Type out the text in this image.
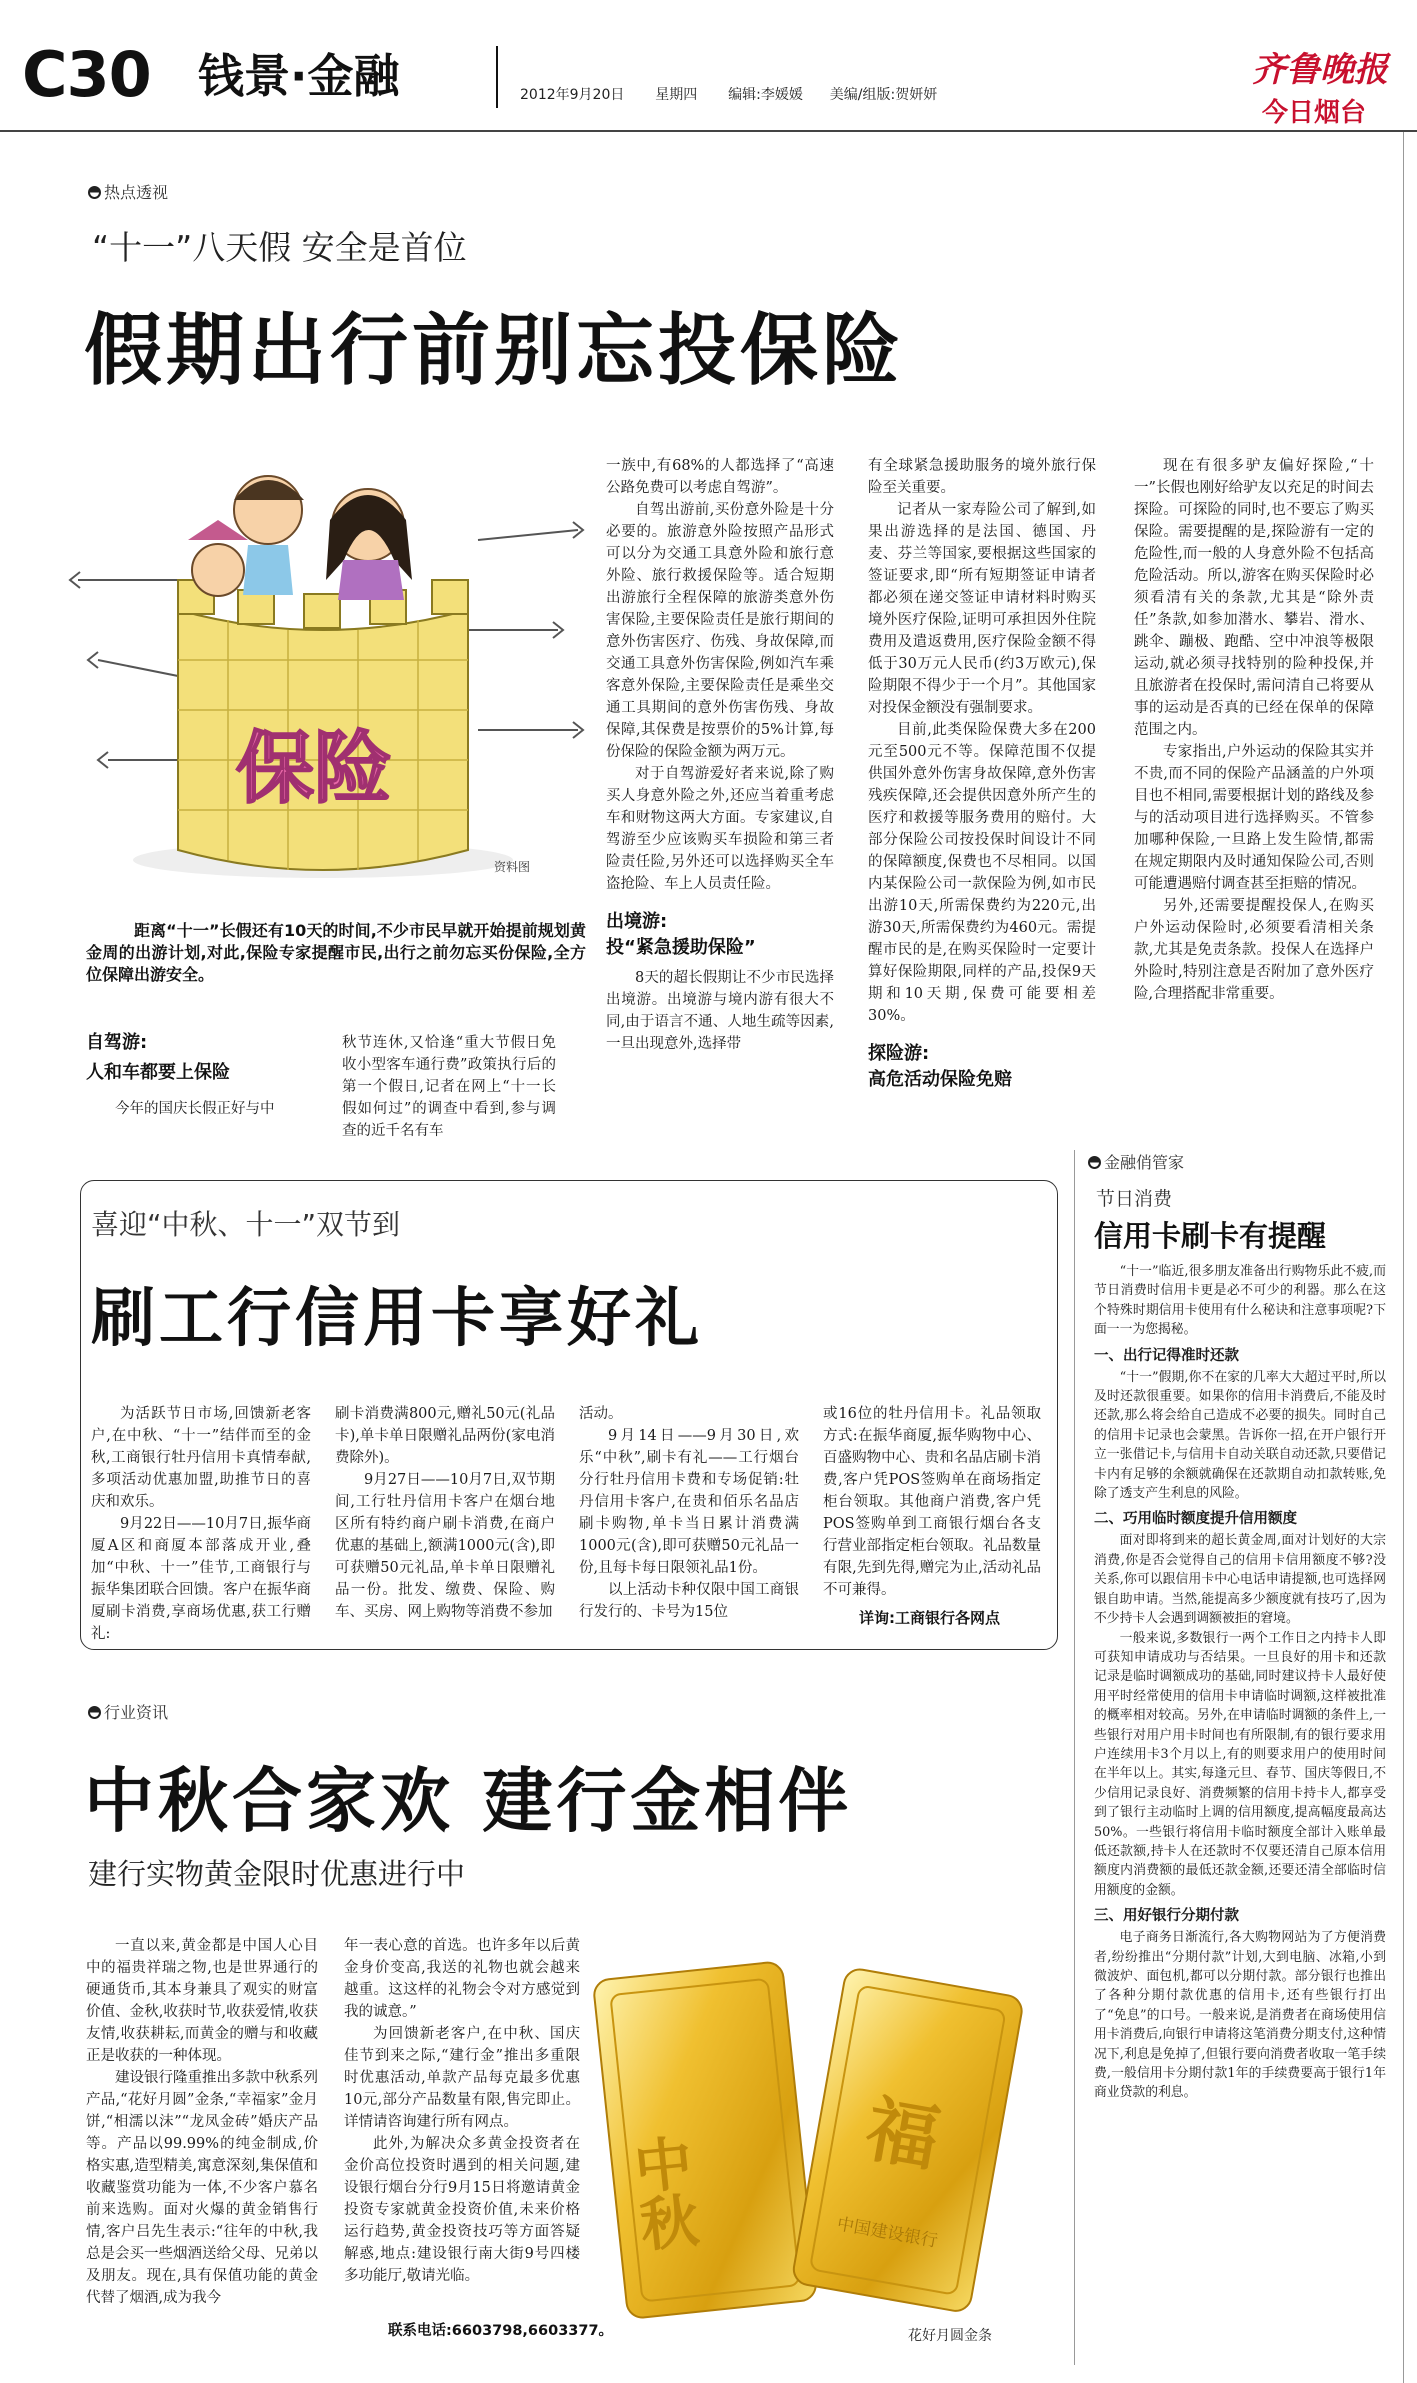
C30 钱景·金融	2012年9月20日 星期四 编辑:李媛媛 美编/组版:贺妍妍
齐鲁晚报
今日烟台
热点透视
“十一”八天假 安全是首位
假期出行前别忘投保险
保险
资料图
距离“十一”长假还有10天的时间,不少市民早就开始提前规划黄金周的出游计划,对此,保险专家提醒市民,出行之前勿忘买份保险,全方位保障出游安全。
自驾游:
人和车都要上保险

今年的国庆长假正好与中

秋节连休,又恰逢“重大节假日免收小型客车通行费”政策执行后的第一个假日,记者在网上“十一长假如何过”的调查中看到,参与调查的近千名有车

一族中,有68%的人都选择了“高速公路免费可以考虑自驾游”。

自驾出游前,买份意外险是十分必要的。旅游意外险按照产品形式可以分为交通工具意外险和旅行意外险、旅行救援保险等。适合短期出游旅行全程保障的旅游类意外伤害保险,主要保险责任是旅行期间的意外伤害医疗、伤残、身故保障,而交通工具意外伤害保险,例如汽车乘客意外保险,主要保险责任是乘坐交通工具期间的意外伤害伤残、身故保障,其保费是按票价的5%计算,每份保险的保险金额为两万元。

对于自驾游爱好者来说,除了购买人身意外险之外,还应当着重考虑车和财物这两大方面。专家建议,自驾游至少应该购买车损险和第三者险责任险,另外还可以选择购买全车盗抢险、车上人员责任险。

出境游:
投“紧急援助保险”

8天的超长假期让不少市民选择出境游。出境游与境内游有很大不同,由于语言不通、人地生疏等因素,一旦出现意外,选择带

有全球紧急援助服务的境外旅行保险至关重要。

记者从一家寿险公司了解到,如果出游选择的是法国、德国、丹麦、芬兰等国家,要根据这些国家的签证要求,即“所有短期签证申请者都必须在递交签证申请材料时购买境外医疗保险,证明可承担因外住院费用及遣返费用,医疗保险金额不得低于30万元人民币(约3万欧元),保险期限不得少于一个月”。其他国家对投保金额没有强制要求。

目前,此类保险保费大多在200元至500元不等。保障范围不仅提供国外意外伤害身故保障,意外伤害残疾保障,还会提供因意外所产生的医疗和救援等服务费用的赔付。大部分保险公司按投保时间设计不同的保障额度,保费也不尽相同。以国内某保险公司一款保险为例,如市民出游10天,所需保费约为220元,出游30天,所需保费约为460元。需提醒市民的是,在购买保险时一定要计算好保险期限,同样的产品,投保9天期和10天期,保费可能要相差30%。

探险游:
高危活动保险免赔

现在有很多驴友偏好探险,“十一”长假也刚好给驴友以充足的时间去探险。可探险的同时,也不要忘了购买保险。需要提醒的是,探险游有一定的危险性,而一般的人身意外险不包括高危险活动。所以,游客在购买保险时必须看清有关的条款,尤其是“除外责任”条款,如参加潜水、攀岩、滑水、跳伞、蹦极、跑酷、空中冲浪等极限运动,就必须寻找特别的险种投保,并且旅游者在投保时,需问清自己将要从事的运动是否真的已经在保单的保障范围之内。

专家指出,户外运动的保险其实并不贵,而不同的保险产品涵盖的户外项目也不相同,需要根据计划的路线及参与的活动项目进行选择购买。不管参加哪种保险,一旦路上发生险情,都需在规定期限内及时通知保险公司,否则可能遭遇赔付调查甚至拒赔的情况。

另外,还需要提醒投保人,在购买户外运动保险时,必须要看清相关条款,尤其是免责条款。投保人在选择户外险时,特别注意是否附加了意外医疗险,合理搭配非常重要。

喜迎“中秋、十一”双节到
刷工行信用卡享好礼

为活跃节日市场,回馈新老客户,在中秋、“十一”结伴而至的金秋,工商银行牡丹信用卡真情奉献,多项活动优惠加盟,助推节日的喜庆和欢乐。

9月22日——10月7日,振华商厦A区和商厦本部落成开业,叠加“中秋、十一”佳节,工商银行与振华集团联合回馈。客户在振华商厦刷卡消费,享商场优惠,获工行赠礼:

刷卡消费满800元,赠礼50元(礼品卡),单卡单日限赠礼品两份(家电消费除外)。

9月27日——10月7日,双节期间,工行牡丹信用卡客户在烟台地区所有特约商户刷卡消费,在商户优惠的基础上,额满1000元(含),即可获赠50元礼品,单卡单日限赠礼品一份。批发、缴费、保险、购车、买房、网上购物等消费不参加

活动。

9月14日——9月30日,欢乐“中秋”,刷卡有礼——工行烟台分行牡丹信用卡费和专场促销:牡丹信用卡客户,在贵和佰乐名品店刷卡购物,单卡当日累计消费满1000元(含),即可获赠50元礼品一份,且每卡每日限领礼品1份。

以上活动卡种仅限中国工商银行发行的、卡号为15位

或16位的牡丹信用卡。礼品领取方式:在振华商厦,振华购物中心、百盛购物中心、贵和名品店刷卡消费,客户凭POS签购单在商场指定柜台领取。其他商户消费,客户凭POS签购单到工商银行烟台各支行营业部指定柜台领取。礼品数量有限,先到先得,赠完为止,活动礼品不可兼得。

详询:工商银行各网点
行业资讯
中秋合家欢 建行金相伴
建行实物黄金限时优惠进行中

一直以来,黄金都是中国人心目中的福贵祥瑞之物,也是世界通行的硬通货币,其本身兼具了观实的财富价值、金秋,收获时节,收获爱情,收获友情,收获耕耘,而黄金的赠与和收藏正是收获的一种体现。

建设银行隆重推出多款中秋系列产品,“花好月圆”金条,“幸福家”金月饼,“相濡以沫”“龙凤金砖”婚庆产品等。产品以99.99%的纯金制成,价格实惠,造型精美,寓意深刻,集保值和收藏鉴赏功能为一体,不少客户慕名前来选购。面对火爆的黄金销售行情,客户吕先生表示:“往年的中秋,我总是会买一些烟酒送给父母、兄弟以及朋友。现在,具有保值功能的黄金代替了烟酒,成为我今

年一表心意的首选。也许多年以后黄金身价变高,我送的礼物也就会越来越重。这这样的礼物会令对方感觉到我的诚意。”

为回馈新老客户,在中秋、国庆佳节到来之际,“建行金”推出多重限时优惠活动,单款产品每克最多优惠10元,部分产品数量有限,售完即止。详情请咨询建行所有网点。

此外,为解决众多黄金投资者在金价高位投资时遇到的相关问题,建设银行烟台分行9月15日将邀请黄金投资专家就黄金投资价值,未来价格运行趋势,黄金投资技巧等方面答疑解惑,地点:建设银行南大街9号四楼多功能厅,敬请光临。

联系电话:6603798,6603377。
中秋 福
中国建设银行
花好月圆金条
金融俏管家
节日消费
信用卡刷卡有提醒

“十一”临近,很多朋友准备出行购物乐此不疲,而节日消费时信用卡更是必不可少的利器。那么在这个特殊时期信用卡使用有什么秘诀和注意事项呢?下面一一为您揭秘。

一、出行记得准时还款

“十一”假期,你不在家的几率大大超过平时,所以及时还款很重要。如果你的信用卡消费后,不能及时还款,那么将会给自己造成不必要的损失。同时自己的信用卡记录也会蒙黑。告诉你一招,在开户银行开立一张借记卡,与信用卡自动关联自动还款,只要借记卡内有足够的余额就确保在还款期自动扣款转账,免除了透支产生利息的风险。

二、巧用临时额度提升信用额度

面对即将到来的超长黄金周,面对计划好的大宗消费,你是否会觉得自己的信用卡信用额度不够?没关系,你可以跟信用卡中心电话申请提额,也可选择网银自助申请。当然,能提高多少额度就有技巧了,因为不少持卡人会遇到调额被拒的窘境。

一般来说,多数银行一两个工作日之内持卡人即可获知申请成功与否结果。一旦良好的用卡和还款记录是临时调额成功的基础,同时建议持卡人最好使用平时经常使用的信用卡申请临时调额,这样被批准的概率相对较高。另外,在申请临时调额的条件上,一些银行对用户用卡时间也有所限制,有的银行要求用户连续用卡3个月以上,有的则要求用户的使用时间在半年以上。其实,每逢元旦、春节、国庆等假日,不少信用记录良好、消费频繁的信用卡持卡人,都享受到了银行主动临时上调的信用额度,提高幅度最高达50%。一些银行将信用卡临时额度全部计入账单最低还款额,持卡人在还款时不仅要还清自己原本信用额度内消费额的最低还款金额,还要还清全部临时信用额度的金额。

三、用好银行分期付款

电子商务日渐流行,各大购物网站为了方便消费者,纷纷推出“分期付款”计划,大到电脑、冰箱,小到微波炉、面包机,都可以分期付款。部分银行也推出了各种分期付款优惠的信用卡,还有些银行打出了“免息”的口号。一般来说,是消费者在商场使用信用卡消费后,向银行申请将这笔消费分期支付,这种情况下,利息是免掉了,但银行要向消费者收取一笔手续费,一般信用卡分期付款1年的手续费要高于银行1年商业贷款的利息。
